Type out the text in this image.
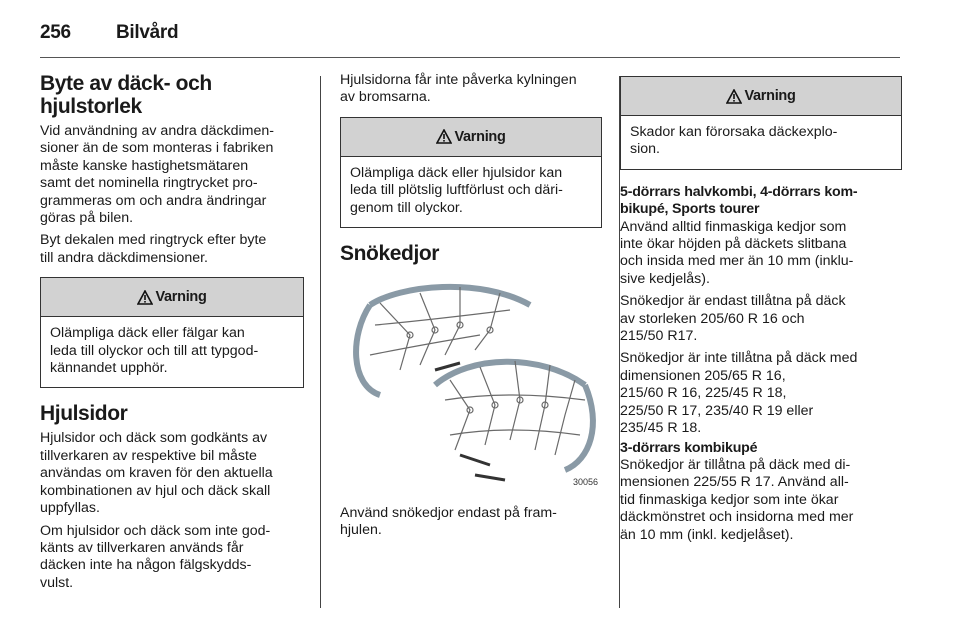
256 Bilvård
Byte av däck- och
hjulstorlek
Vid användning av andra däckdimen-
sioner än de som monteras i fabriken
måste kanske hastighetsmätaren
samt det nominella ringtrycket pro-
grammeras om och andra ändringar
göras på bilen.
Byt dekalen med ringtryck efter byte
till andra däckdimensioner.
Varning
Olämpliga däck eller fälgar kan
leda till olyckor och till att typgod-
kännandet upphör.
Hjulsidor
Hjulsidor och däck som godkänts av
tillverkaren av respektive bil måste
användas om kraven för den aktuella
kombinationen av hjul och däck skall
uppfyllas.
Om hjulsidor och däck som inte god-
känts av tillverkaren används får
däcken inte ha någon fälgskydds-
vulst.
Hjulsidorna får inte påverka kylningen
av bromsarna.
Varning
Olämpliga däck eller hjulsidor kan
leda till plötslig luftförlust och däri-
genom till olyckor.
Snökedjor
30056
Använd snökedjor endast på fram-
hjulen.
Varning
Skador kan förorsaka däckexplo-
sion.
5-dörrars halvkombi, 4-dörrars kom-
bikupé, Sports tourer
Använd alltid finmaskiga kedjor som
inte ökar höjden på däckets slitbana
och insida med mer än 10 mm (inklu-
sive kedjelås).
Snökedjor är endast tillåtna på däck
av storleken 205/60 R 16 och
215/50 R17.
Snökedjor är inte tillåtna på däck med
dimensionen 205/65 R 16,
215/60 R 16, 225/45 R 18,
225/50 R 17, 235/40 R 19 eller
235/45 R 18.
3-dörrars kombikupé
Snökedjor är tillåtna på däck med di-
mensionen 225/55 R 17. Använd all-
tid finmaskiga kedjor som inte ökar
däckmönstret och insidorna med mer
än 10 mm (inkl. kedjelåset).
